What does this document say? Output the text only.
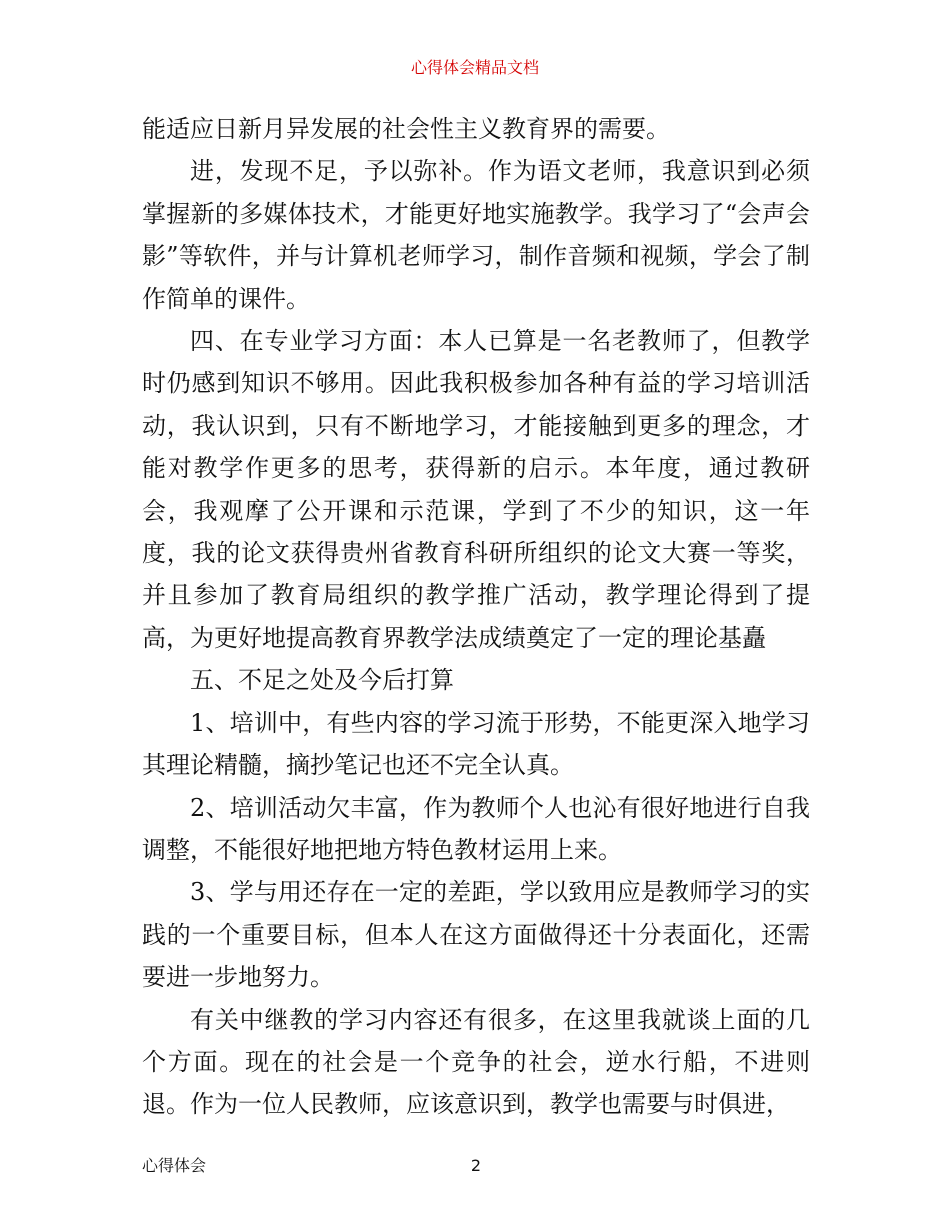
心得体会精品文档

能适应日新月异发展的社会性主义教育界的需要。

进，发现不足，予以弥补。作为语文老师，我意识到必须掌握新的多媒体技术，才能更好地实施教学。我学习了“会声会影”等软件，并与计算机老师学习，制作音频和视频，学会了制作简单的课件。

四、在专业学习方面：本人已算是一名老教师了，但教学时仍感到知识不够用。因此我积极参加各种有益的学习培训活动，我认识到，只有不断地学习，才能接触到更多的理念，才能对教学作更多的思考，获得新的启示。本年度，通过教研会，我观摩了公开课和示范课，学到了不少的知识，这一年度，我的论文获得贵州省教育科研所组织的论文大赛一等奖，并且参加了教育局组织的教学推广活动，教学理论得到了提高，为更好地提高教育界教学法成绩奠定了一定的理论基矗

五、不足之处及今后打算

1、培训中，有些内容的学习流于形势，不能更深入地学习其理论精髓，摘抄笔记也还不完全认真。

2、培训活动欠丰富，作为教师个人也沁有很好地进行自我调整，不能很好地把地方特色教材运用上来。

3、学与用还存在一定的差距，学以致用应是教师学习的实践的一个重要目标，但本人在这方面做得还十分表面化，还需要进一步地努力。

有关中继教的学习内容还有很多，在这里我就谈上面的几个方面。现在的社会是一个竞争的社会，逆水行船，不进则退。作为一位人民教师，应该意识到，教学也需要与时俱进，

心得体会	2
